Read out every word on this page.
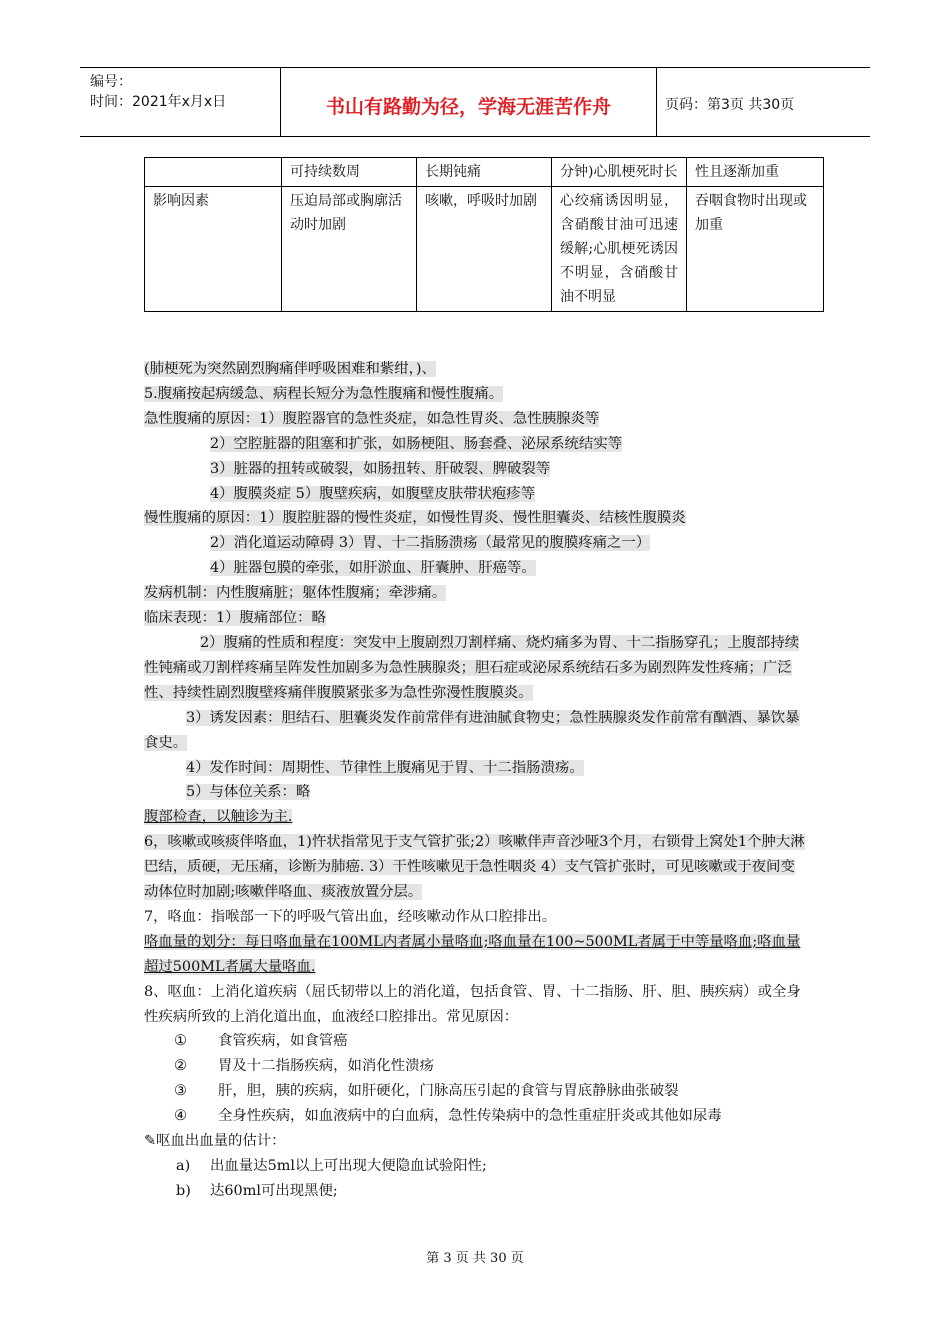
编号：
时间：2021年x月x日	书山有路勤为径，学海无涯苦作舟	页码：第3页 共30页
	可持续数周	长期钝痛	分钟)心肌梗死时长	性且逐渐加重
影响因素	压迫局部或胸廓活动时加剧	咳嗽，呼吸时加剧	心绞痛诱因明显，含硝酸甘油可迅速缓解;心肌梗死诱因不明显，含硝酸甘油不明显	吞咽食物时出现或加重

(肺梗死为突然剧烈胸痛伴呼吸困难和紫绀，)、

5.腹痛按起病缓急、病程长短分为急性腹痛和慢性腹痛。

急性腹痛的原因：1）腹腔器官的急性炎症，如急性胃炎、急性胰腺炎等

2）空腔脏器的阻塞和扩张，如肠梗阻、肠套叠、泌尿系统结实等

3）脏器的扭转或破裂，如肠扭转、肝破裂、脾破裂等

4）腹膜炎症 5）腹壁疾病，如腹壁皮肤带状疱疹等

慢性腹痛的原因：1）腹腔脏器的慢性炎症，如慢性胃炎、慢性胆囊炎、结核性腹膜炎

2）消化道运动障碍 3）胃、十二指肠溃疡（最常见的腹膜疼痛之一）

4）脏器包膜的牵张，如肝淤血、肝囊肿、肝癌等。

发病机制：内性腹痛脏；躯体性腹痛；牵涉痛。

临床表现：1）腹痛部位：略

2）腹痛的性质和程度：突发中上腹剧烈刀割样痛、烧灼痛多为胃、十二指肠穿孔；上腹部持续性钝痛或刀割样疼痛呈阵发性加剧多为急性胰腺炎；胆石症或泌尿系统结石多为剧烈阵发性疼痛；广泛性、持续性剧烈腹壁疼痛伴腹膜紧张多为急性弥漫性腹膜炎。

3）诱发因素：胆结石、胆囊炎发作前常伴有进油腻食物史；急性胰腺炎发作前常有酗酒、暴饮暴食史。

4）发作时间：周期性、节律性上腹痛见于胃、十二指肠溃疡。

5）与体位关系：略

腹部检查，以触诊为主.

6，咳嗽或咳痰伴咯血，1)忤状指常见于支气管扩张;2）咳嗽伴声音沙哑3个月，右锁骨上窝处1个肿大淋巴结，质硬，无压痛，诊断为肺癌. 3）干性咳嗽见于急性咽炎 4）支气管扩张时，可见咳嗽或于夜间变动体位时加剧;咳嗽伴咯血、痰液放置分层。

7，咯血：指喉部一下的呼吸气管出血，经咳嗽动作从口腔排出。

咯血量的划分：每日咯血量在100ML内者属小量咯血;咯血量在100~500ML者属于中等量咯血;咯血量超过500ML者属大量咯血.

8、呕血：上消化道疾病（屈氏韧带以上的消化道，包括食管、胃、十二指肠、肝、胆、胰疾病）或全身性疾病所致的上消化道出血，血液经口腔排出。常见原因：

① 食管疾病，如食管癌

② 胃及十二指肠疾病，如消化性溃疡

③ 肝，胆，胰的疾病，如肝硬化，门脉高压引起的食管与胃底静脉曲张破裂

④ 全身性疾病，如血液病中的白血病，急性传染病中的急性重症肝炎或其他如尿毒

✎呕血出血量的估计：

a) 出血量达5ml以上可出现大便隐血试验阳性;

b) 达60ml可出现黑便;

第 3 页 共 30 页
